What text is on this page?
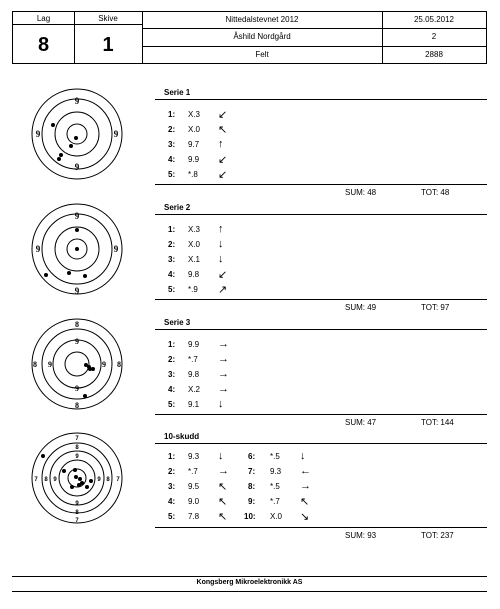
Lag
8
Skive
1
Nittedalstevnet 2012	25.05.2012
Åshild Nordgård	2
Felt	2888
9
9
9	9
Serie 1
1: X.3 ↙
2: X.0 ↖
3: 9.7 ↑
4: 9.9 ↙
5: *.8 ↙
SUM: 48	TOT: 48
9
9
9	9
Serie 2
1: X.3 ↑
2: X.0 ↓
3: X.1 ↓
4: 9.8 ↙
5: *.9 ↗
SUM: 49	TOT: 97
8
8
8	8
9
9
9	9
Serie 3
1: 9.9 →
2: *.7 →
3: 9.8 →
4: X.2 →
5: 9.1 ↓
SUM: 47	TOT: 144
7
7
7	7
8
8
8	8
9
9
9	9
10-skudd
1: 9.3 ↓
2: *.7 →
3: 9.5 ↖
4: 9.0 ↖
5: 7.8 ↖
6: *.5 ↓
7: 9.3 ←
8: *.5 →
9: *.7 ↖
10: X.0 ↘
SUM: 93	TOT: 237
Kongsberg Mikroelektronikk AS
